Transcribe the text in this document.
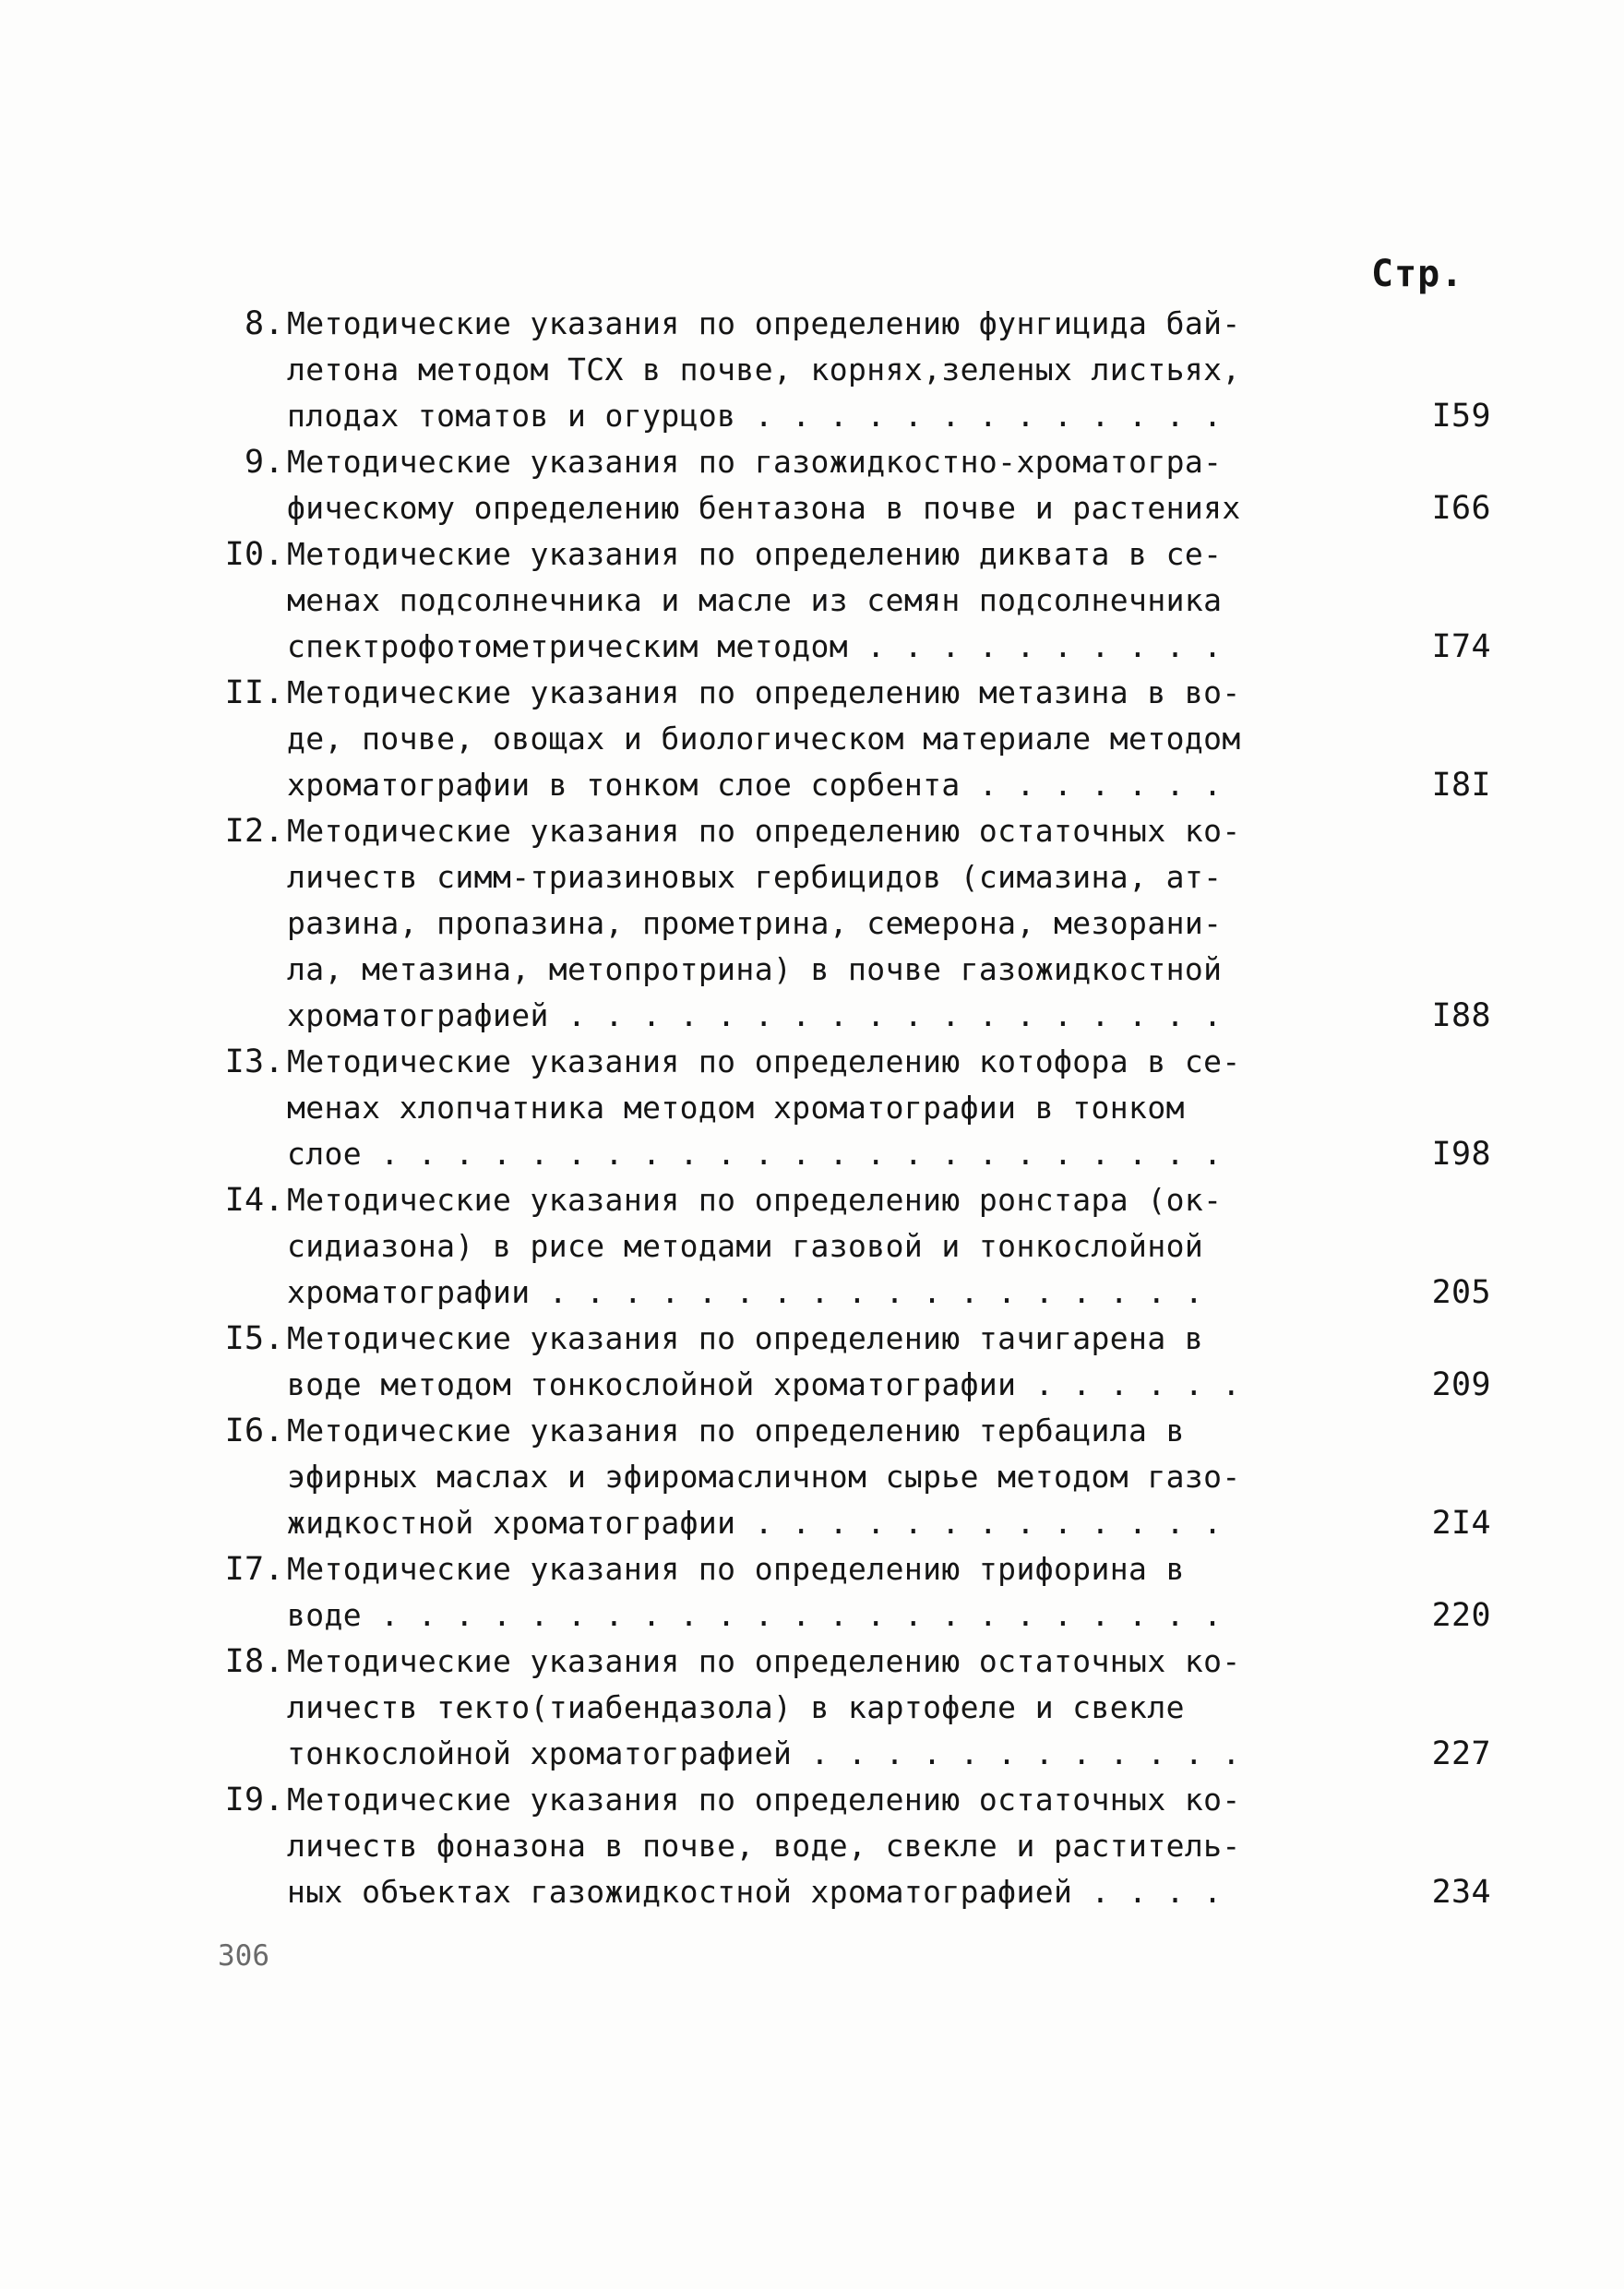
Стр.
8. Методические указания по определению фунгицида бай-
летона методом ТСХ в почве, корнях,зеленых листьях,
плодах томатов и огурцов . . . . . . . . . . . . .	I59
9. Методические указания по газожидкостно-хроматогра-
фическому определению бентазона в почве и растениях	I66
I0. Методические указания по определению диквата в се-
менах подсолнечника и масле из семян подсолнечника
спектрофотометрическим методом . . . . . . . . . .	I74
II. Методические указания по определению метазина в во-
де, почве, овощах и биологическом материале методом
хроматографии в тонком слое сорбента . . . . . . .	I8I
I2. Методические указания по определению остаточных ко-
личеств симм-триазиновых гербицидов (симазина, ат-
разина, пропазина, прометрина, семерона, мезорани-
ла, метазина, метопротрина) в почве газожидкостной
хроматографией . . . . . . . . . . . . . . . . . .	I88
I3. Методические указания по определению котофора в се-
менах хлопчатника методом хроматографии в тонком
слое . . . . . . . . . . . . . . . . . . . . . . .	I98
I4. Методические указания по определению ронстара (ок-
сидиазона) в рисе методами газовой и тонкослойной
хроматографии . . . . . . . . . . . . . . . . . .	205
I5. Методические указания по определению тачигарена в
воде методом тонкослойной хроматографии . . . . . .	209
I6. Методические указания по определению тербацила в
эфирных маслах и эфиромасличном сырье методом газо-
жидкостной хроматографии . . . . . . . . . . . . .	2I4
I7. Методические указания по определению трифорина в
воде . . . . . . . . . . . . . . . . . . . . . . .	220
I8. Методические указания по определению остаточных ко-
личеств текто(тиабендазола) в картофеле и свекле
тонкослойной хроматографией . . . . . . . . . . . .	227
I9. Методические указания по определению остаточных ко-
личеств фоназона в почве, воде, свекле и раститель-
ных объектах газожидкостной хроматографией . . . .	234
306
